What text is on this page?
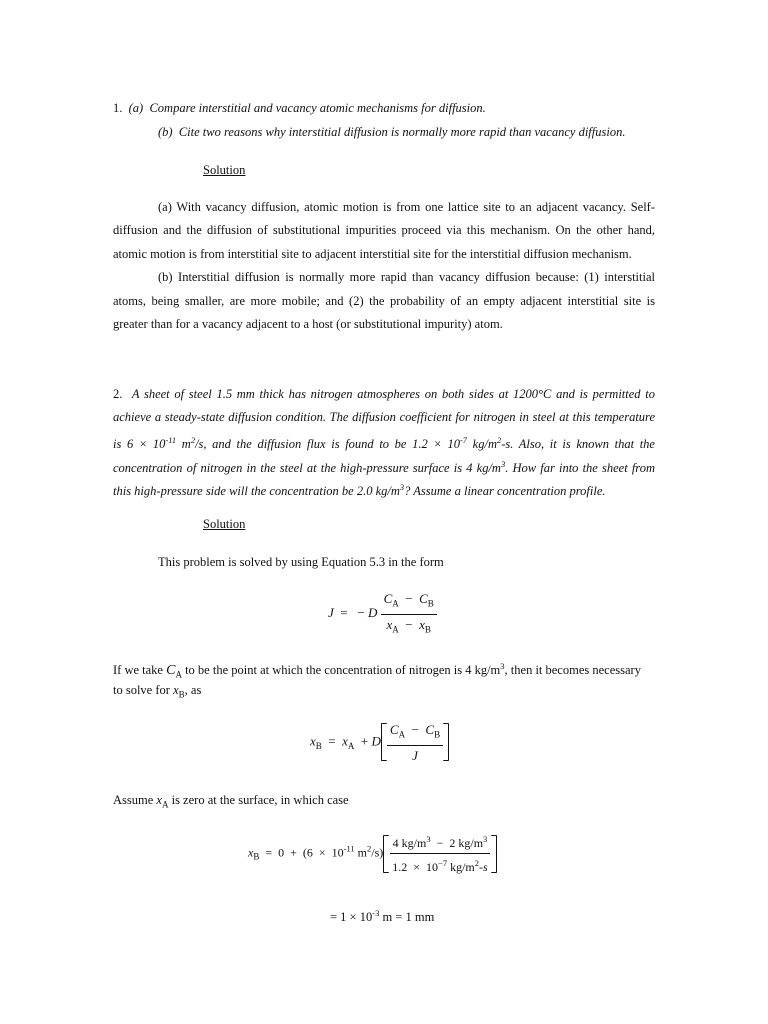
1. (a) Compare interstitial and vacancy atomic mechanisms for diffusion.
(b) Cite two reasons why interstitial diffusion is normally more rapid than vacancy diffusion.
Solution
(a) With vacancy diffusion, atomic motion is from one lattice site to an adjacent vacancy. Self-
diffusion and the diffusion of substitutional impurities proceed via this mechanism. On the other hand,
atomic motion is from interstitial site to adjacent interstitial site for the interstitial diffusion mechanism.
(b) Interstitial diffusion is normally more rapid than vacancy diffusion because: (1) interstitial
atoms, being smaller, are more mobile; and (2) the probability of an empty adjacent interstitial site is
greater than for a vacancy adjacent to a host (or substitutional impurity) atom.
2. A sheet of steel 1.5 mm thick has nitrogen atmospheres on both sides at 1200°C and is permitted to
achieve a steady-state diffusion condition. The diffusion coefficient for nitrogen in steel at this temperature
is $6 \times 10^{-11}$ $m^2/s$, and the diffusion flux is found to be $1.2 \times 10^{-7}$ $kg/m^2-s$. Also, it is known that the
concentration of nitrogen in the steel at the high-pressure surface is 4 $kg/m^3$. How far into the sheet from
this high-pressure side will the concentration be 2.0 $kg/m^3$? Assume a linear concentration profile.
Solution
This problem is solved by using Equation 5.3 in the form
J  =   − D $\frac{C_A - C_B}{x_A - x_B}$
If we take $C_A$ to be the point at which the concentration of nitrogen is 4 $kg/m^3$, then it becomes necessary
to solve for $x_B$, as
$x_B = x_A + D \frac{C_A - C_B}{J}$
Assume $x_A$ is zero at the surface, in which case
$x_B = 0 + (6 \times 10^{-11}$ $m^2/s) \frac{4 kg/m^3 - 2 kg/m^3}{1.2 \times 10^{-7} kg/m^2-s}$
= $1 \times 10^{-3}$ m = 1 mm
